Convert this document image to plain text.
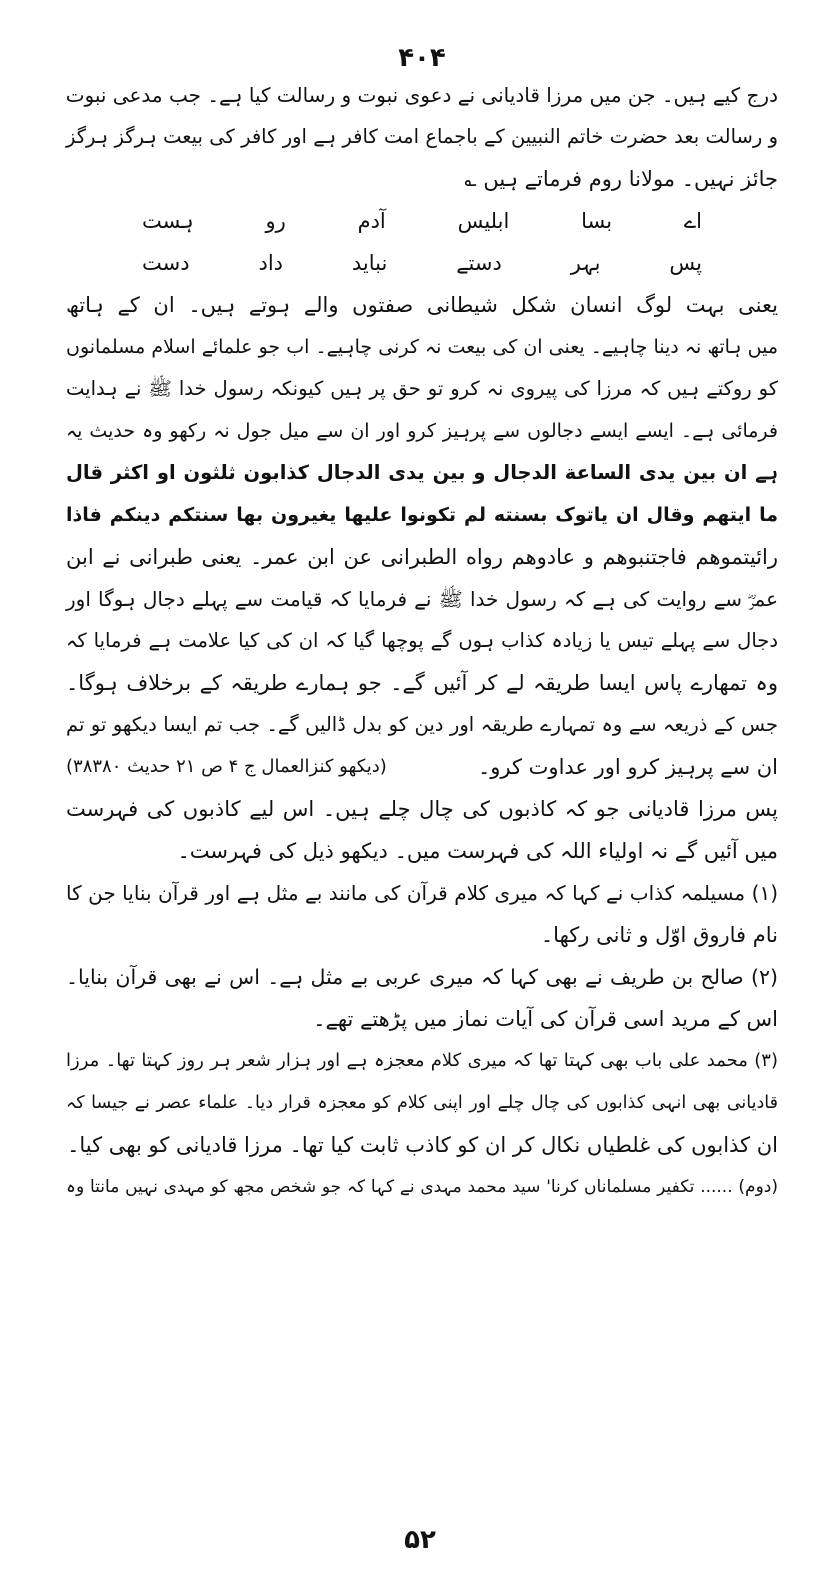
۴۰۴
درج کیے ہیں۔ جن میں مرزا قادیانی نے دعوی نبوت و رسالت کیا ہے۔ جب مدعی نبوت
و رسالت بعد حضرت خاتم النبیین کے باجماع امت کافر ہے اور کافر کی بیعت ہرگز ہرگز
جائز نہیں۔ مولانا روم فرماتے ہیں ؎
اے
بسا
ابلیس
آدم
رو
ہست
پس
بہر
دستے
نباید
داد
دست
یعنی بہت لوگ انسان شکل شیطانی صفتوں والے ہوتے ہیں۔ ان کے ہاتھ
میں ہاتھ نہ دینا چاہیے۔ یعنی ان کی بیعت نہ کرنی چاہیے۔ اب جو علمائے اسلام مسلمانوں
کو روکتے ہیں کہ مرزا کی پیروی نہ کرو تو حق پر ہیں کیونکہ رسول خدا ﷺ نے ہدایت
فرمائی ہے۔ ایسے ایسے دجالوں سے پرہیز کرو اور ان سے میل جول نہ رکھو وہ حدیث یہ
ہے ان بین یدی الساعة الدجال و بین یدی الدجال کذابون ثلثون او اکثر قال
ما ایتهم وقال ان یاتوک بسنته لم تکونوا علیها یغیرون بها سنتکم دینکم فاذا
رائیتموهم فاجتنبوهم و عادوهم رواه الطبرانی عن ابن عمر۔ یعنی طبرانی نے ابن
عمرؓ سے روایت کی ہے کہ رسول خدا ﷺ نے فرمایا کہ قیامت سے پہلے دجال ہوگا اور
دجال سے پہلے تیس یا زیادہ کذاب ہوں گے پوچھا گیا کہ ان کی کیا علامت ہے فرمایا کہ
وہ تمھارے پاس ایسا طریقہ لے کر آئیں گے۔ جو ہمارے طریقہ کے برخلاف ہوگا۔
جس کے ذریعہ سے وہ تمہارے طریقہ اور دین کو بدل ڈالیں گے۔ جب تم ایسا دیکھو تو تم
ان سے پرہیز کرو اور عداوت کرو۔
(دیکھو کنزالعمال ج ۴ ص ۲۱ حدیث ۳۸۳۸۰)
پس مرزا قادیانی جو کہ کاذبوں کی چال چلے ہیں۔ اس لیے کاذبوں کی فہرست
میں آئیں گے نہ اولیاء اللہ کی فہرست میں۔ دیکھو ذیل کی فہرست۔
(۱) مسیلمہ کذاب نے کہا کہ میری کلام قرآن کی مانند بے مثل ہے اور قرآن بنایا جن کا
نام فاروق اوّل و ثانی رکھا۔
(۲) صالح بن طریف نے بھی کہا کہ میری عربی بے مثل ہے۔ اس نے بھی قرآن بنایا۔
اس کے مرید اسی قرآن کی آیات نماز میں پڑھتے تھے۔
(۳) محمد علی باب بھی کہتا تھا کہ میری کلام معجزہ ہے اور ہزار شعر ہر روز کہتا تھا۔ مرزا
قادیانی بھی انہی کذابوں کی چال چلے اور اپنی کلام کو معجزہ قرار دیا۔ علماء عصر نے جیسا کہ
ان کذابوں کی غلطیاں نکال کر ان کو کاذب ثابت کیا تھا۔ مرزا قادیانی کو بھی کیا۔
(دوم) ...... تکفیر مسلماناں کرنا' سید محمد مہدی نے کہا کہ جو شخص مجھ کو مہدی نہیں مانتا وہ
۵۲
